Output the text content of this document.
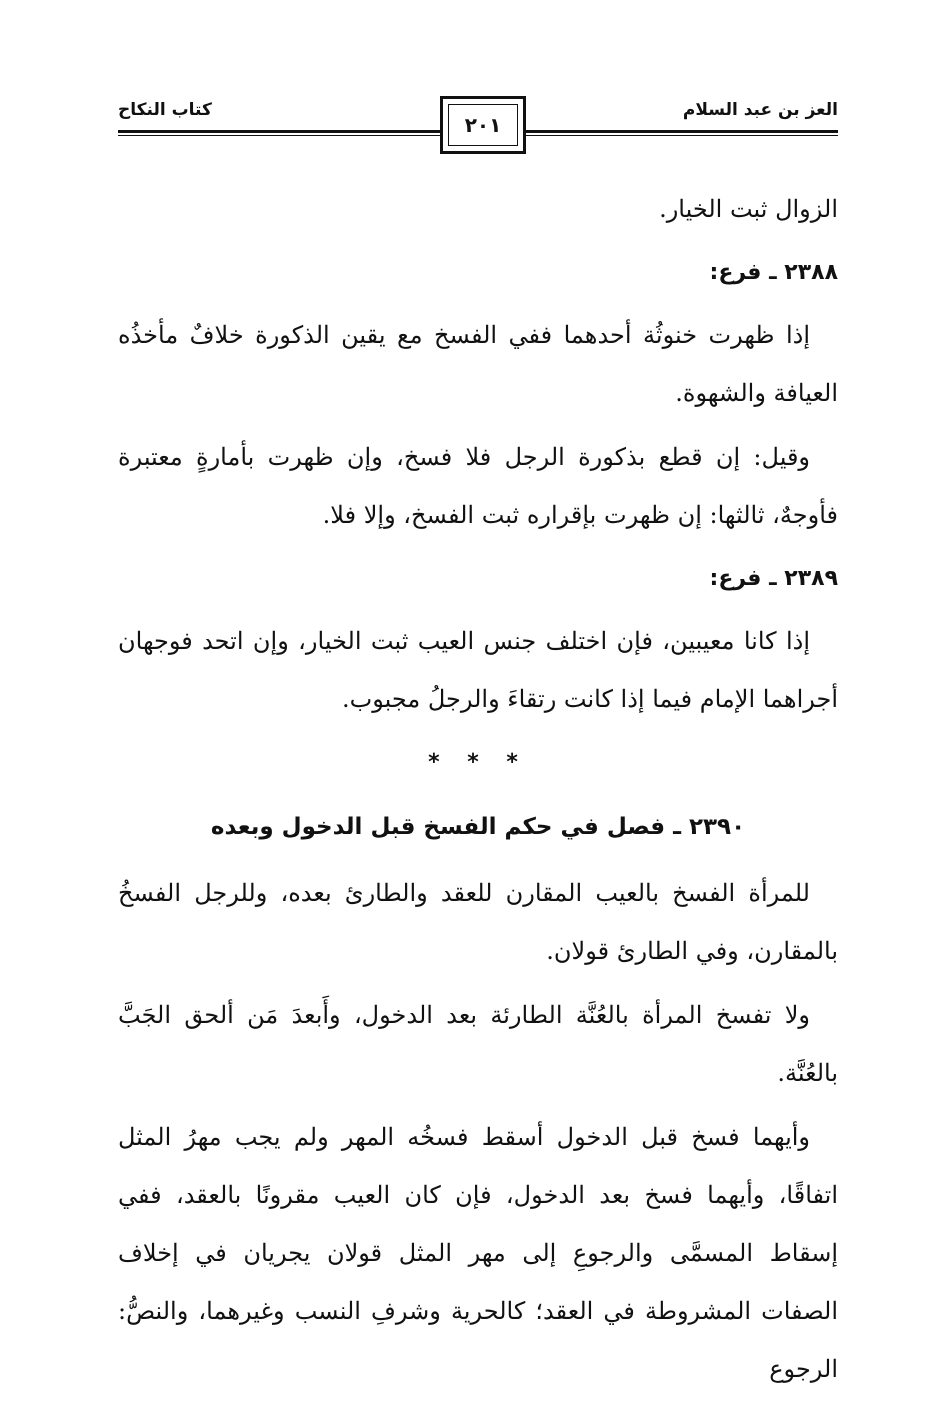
العز بن عبد السلام
كتاب النكاح
٢٠١

الزوال ثبت الخيار.

٢٣٨٨ ـ فرع:

إذا ظهرت خنوثُة أحدهما ففي الفسخ مع يقين الذكورة خلافٌ مأخذُه العيافة والشهوة.

وقيل: إن قطع بذكورة الرجل فلا فسخ، وإن ظهرت بأمارةٍ معتبرة فأوجهٌ، ثالثها: إن ظهرت بإقراره ثبت الفسخ، وإلا فلا.

٢٣٨٩ ـ فرع:

إذا كانا معيبين، فإن اختلف جنس العيب ثبت الخيار، وإن اتحد فوجهان أجراهما الإمام فيما إذا كانت رتقاءَ والرجلُ مجبوب.

* * *
٢٣٩٠ ـ فصل في حكم الفسخ قبل الدخول وبعده

للمرأة الفسخ بالعيب المقارن للعقد والطارئ بعده، وللرجل الفسخُ بالمقارن، وفي الطارئ قولان.

ولا تفسخ المرأة بالعُنَّة الطارئة بعد الدخول، وأَبعدَ مَن ألحق الجَبَّ بالعُنَّة.

وأيهما فسخ قبل الدخول أسقط فسخُه المهر ولم يجب مهرُ المثل اتفاقًا، وأيهما فسخ بعد الدخول، فإن كان العيب مقرونًا بالعقد، ففي إسقاط المسمَّى والرجوعِ إلى مهر المثل قولان يجريان في إخلاف الصفات المشروطة في العقد؛ كالحرية وشرفِ النسب وغيرهما، والنصُّ: الرجوع
